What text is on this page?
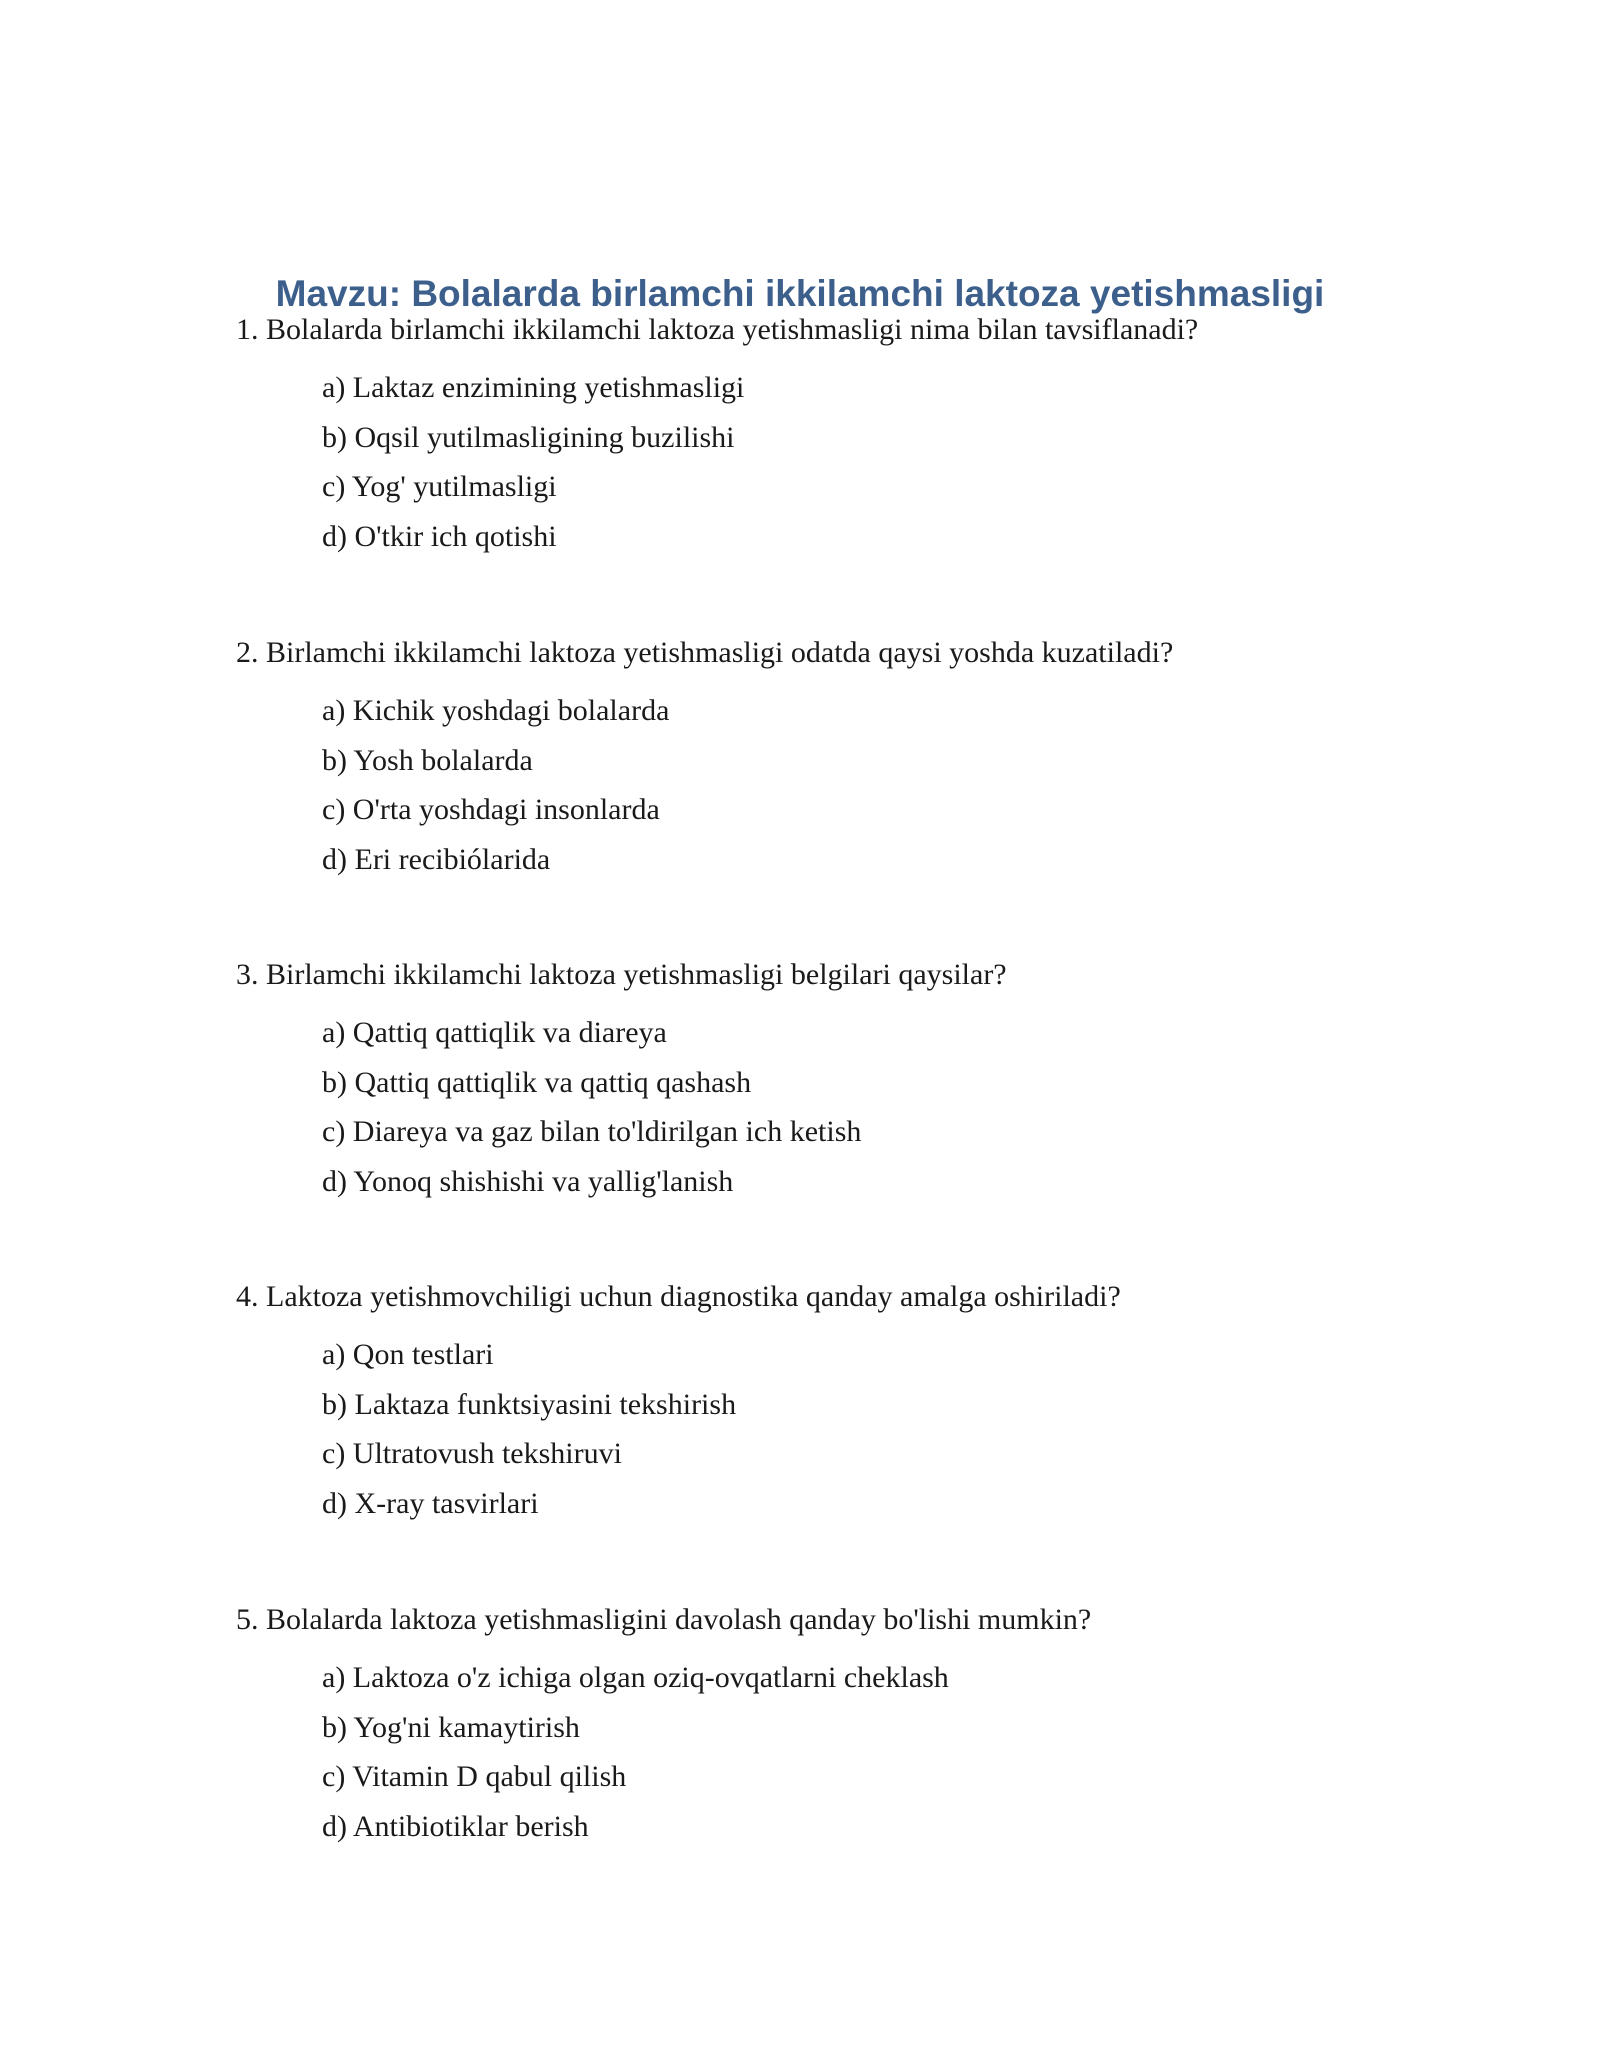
Mavzu: Bolalarda birlamchi ikkilamchi laktoza yetishmasligi

1. Bolalarda birlamchi ikkilamchi laktoza yetishmasligi nima bilan tavsiflanadi?

a) Laktaz enzimining yetishmasligi
b) Oqsil yutilmasligining buzilishi
c) Yog' yutilmasligi
d) O'tkir ich qotishi

2. Birlamchi ikkilamchi laktoza yetishmasligi odatda qaysi yoshda kuzatiladi?

a) Kichik yoshdagi bolalarda
b) Yosh bolalarda
c) O'rta yoshdagi insonlarda
d) Eri recibiólarida

3. Birlamchi ikkilamchi laktoza yetishmasligi belgilari qaysilar?

a) Qattiq qattiqlik va diareya
b) Qattiq qattiqlik va qattiq qashash
c) Diareya va gaz bilan to'ldirilgan ich ketish
d) Yonoq shishishi va yallig'lanish

4. Laktoza yetishmovchiligi uchun diagnostika qanday amalga oshiriladi?

a) Qon testlari
b) Laktaza funktsiyasini tekshirish
c) Ultratovush tekshiruvi
d) X-ray tasvirlari

5. Bolalarda laktoza yetishmasligini davolash qanday bo'lishi mumkin?

a) Laktoza o'z ichiga olgan oziq-ovqatlarni cheklash
b) Yog'ni kamaytirish
c) Vitamin D qabul qilish
d) Antibiotiklar berish
